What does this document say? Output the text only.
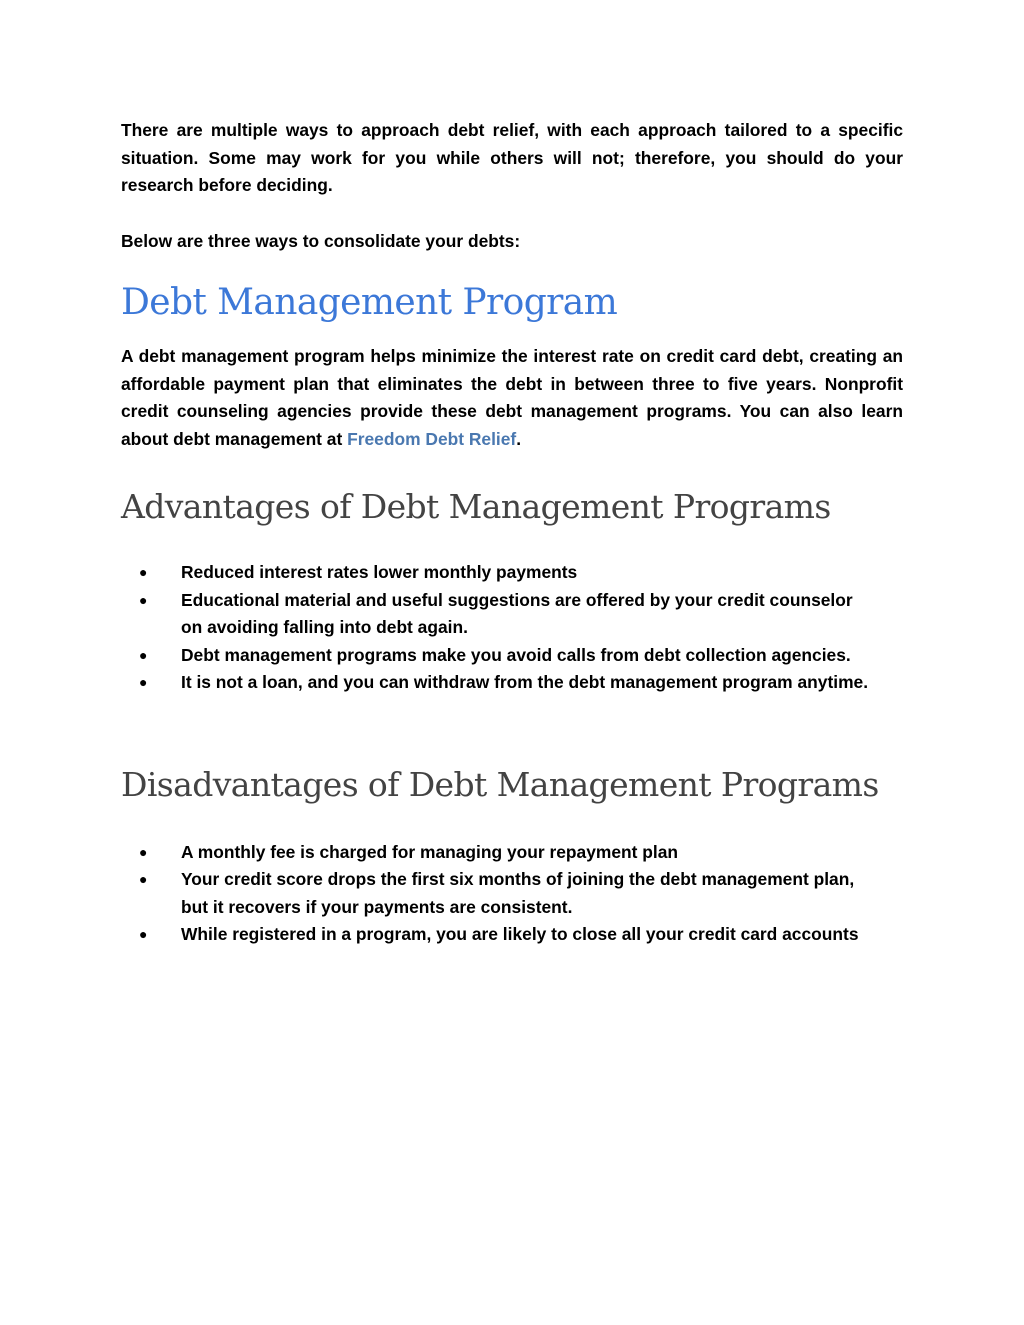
There are multiple ways to approach debt relief, with each approach tailored to a specific situation. Some may work for you while others will not; therefore, you should do your research before deciding.

Below are three ways to consolidate your debts:

Debt Management Program

A debt management program helps minimize the interest rate on credit card debt, creating an affordable payment plan that eliminates the debt in between three to five years. Nonprofit credit counseling agencies provide these debt management programs. You can also learn about debt management at Freedom Debt Relief.

Advantages of Debt Management Programs
● Reduced interest rates lower monthly payments
● Educational material and useful suggestions are offered by your credit counselor on avoiding falling into debt again.
● Debt management programs make you avoid calls from debt collection agencies.
● It is not a loan, and you can withdraw from the debt management program anytime.
Disadvantages of Debt Management Programs
● A monthly fee is charged for managing your repayment plan
● Your credit score drops the first six months of joining the debt management plan, but it recovers if your payments are consistent.
● While registered in a program, you are likely to close all your credit card accounts
